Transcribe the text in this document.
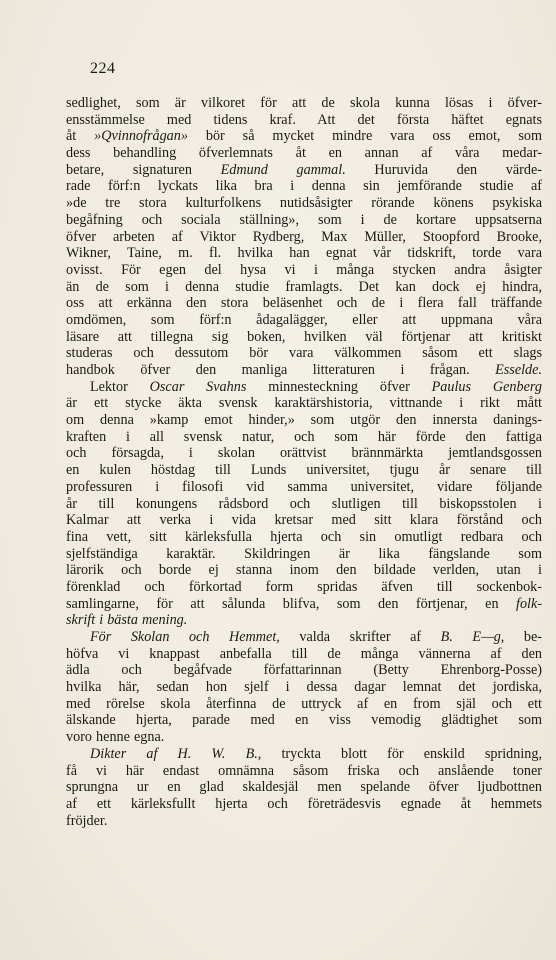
224
sedlighet, som är vilkoret för att de skola kunna lösas i öfver-
ensstämmelse med tidens kraf. Att det första häftet egnats
åt »Qvinnofrågan» bör så mycket mindre vara oss emot, som
dess behandling öfverlemnats åt en annan af våra medar-
betare, signaturen Edmund gammal. Huruvida den värde-
rade förf:n lyckats lika bra i denna sin jemförande studie af
»de tre stora kulturfolkens nutidsåsigter rörande könens psykiska
begåfning och sociala ställning», som i de kortare uppsatserna
öfver arbeten af Viktor Rydberg, Max Müller, Stoopford Brooke,
Wikner, Taine, m. fl. hvilka han egnat vår tidskrift, torde vara
ovisst. För egen del hysa vi i många stycken andra åsigter
än de som i denna studie framlagts. Det kan dock ej hindra,
oss att erkänna den stora beläsenhet och de i flera fall träffande
omdömen, som förf:n ådagalägger, eller att uppmana våra
läsare att tillegna sig boken, hvilken väl förtjenar att kritiskt
studeras och dessutom bör vara välkommen såsom ett slags
handbok öfver den manliga litteraturen i frågan. Esselde.
Lektor Oscar Svahns minnesteckning öfver Paulus Genberg
är ett stycke äkta svensk karaktärshistoria, vittnande i rikt mått
om denna »kamp emot hinder,» som utgör den innersta danings-
kraften i all svensk natur, och som här förde den fattiga
och försagda, i skolan orättvist brännmärkta jemtlandsgossen
en kulen höstdag till Lunds universitet, tjugu år senare till
professuren i filosofi vid samma universitet, vidare följande
år till konungens rådsbord och slutligen till biskopsstolen i
Kalmar att verka i vida kretsar med sitt klara förstånd och
fina vett, sitt kärleksfulla hjerta och sin omutligt redbara och
sjelfständiga karaktär. Skildringen är lika fängslande som
lärorik och borde ej stanna inom den bildade verlden, utan i
förenklad och förkortad form spridas äfven till sockenbok-
samlingarne, för att sålunda blifva, som den förtjenar, en folk-
skrift i bästa mening.
För Skolan och Hemmet, valda skrifter af B. E—g, be-
höfva vi knappast anbefalla till de många vännerna af den
ädla och begåfvade författarinnan (Betty Ehrenborg-Posse)
hvilka här, sedan hon sjelf i dessa dagar lemnat det jordiska,
med rörelse skola återfinna de uttryck af en from själ och ett
älskande hjerta, parade med en viss vemodig glädtighet som
voro henne egna.
Dikter af H. W. B., tryckta blott för enskild spridning,
få vi här endast omnämna såsom friska och anslående toner
sprungna ur en glad skaldesjäl men spelande öfver ljudbottnen
af ett kärleksfullt hjerta och företrädesvis egnade åt hemmets
fröjder.
